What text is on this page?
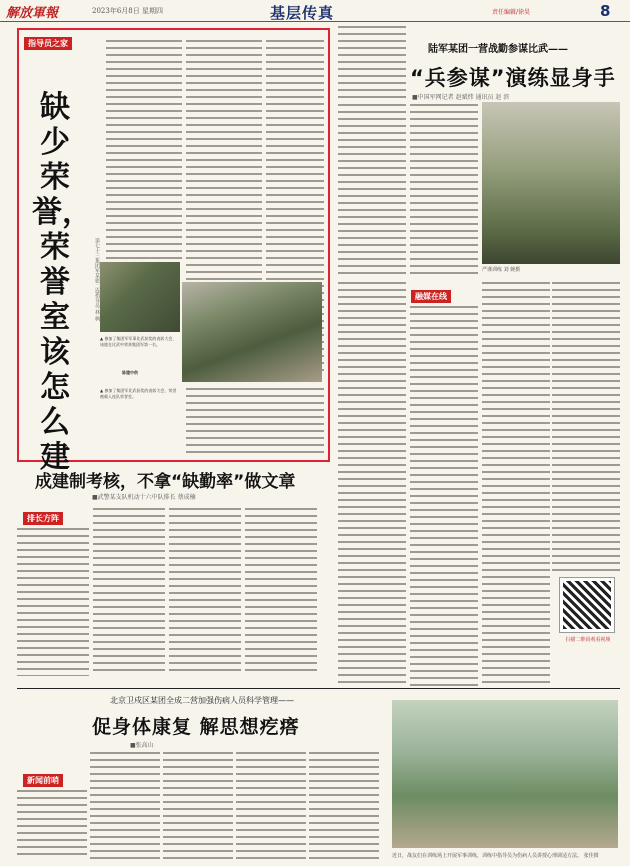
解放軍報	2023年6月8日 星期四	基层传真	责任编辑/徐昊	8
指导员之家
缺少荣誉，
荣誉室该怎么建
第七十三集团军某旅二连指导员 林 枫
▲ 参加了集团军军事比武获奖的表彰大会，该旅在比武中荣获集团军第一名。
▲ 参加了集团军比武获奖的表彰大会，荣誉被载入连队荣誉室。
陈建中供
陆军某团一营战勤参谋比武——
“兵参谋”演练显身手
■中国军网记者 赵斌炜 通讯员 赵 滨
严谨训练 刘 婉摄
融媒在线
扫描二维码观看视频
成建制考核，不拿“缺勤率”做文章
■武警某支队机动十六中队排长 蔡成楠
排长方阵
北京卫戍区某团全成二营加强伤病人员科学管理——
促身体康复 解思想疙瘩
■张高山
新闻前哨
近日，战友们在训练场上开展军事训练，训练中指导员为伤病人员讲授心理调适方法。 张佳摄
